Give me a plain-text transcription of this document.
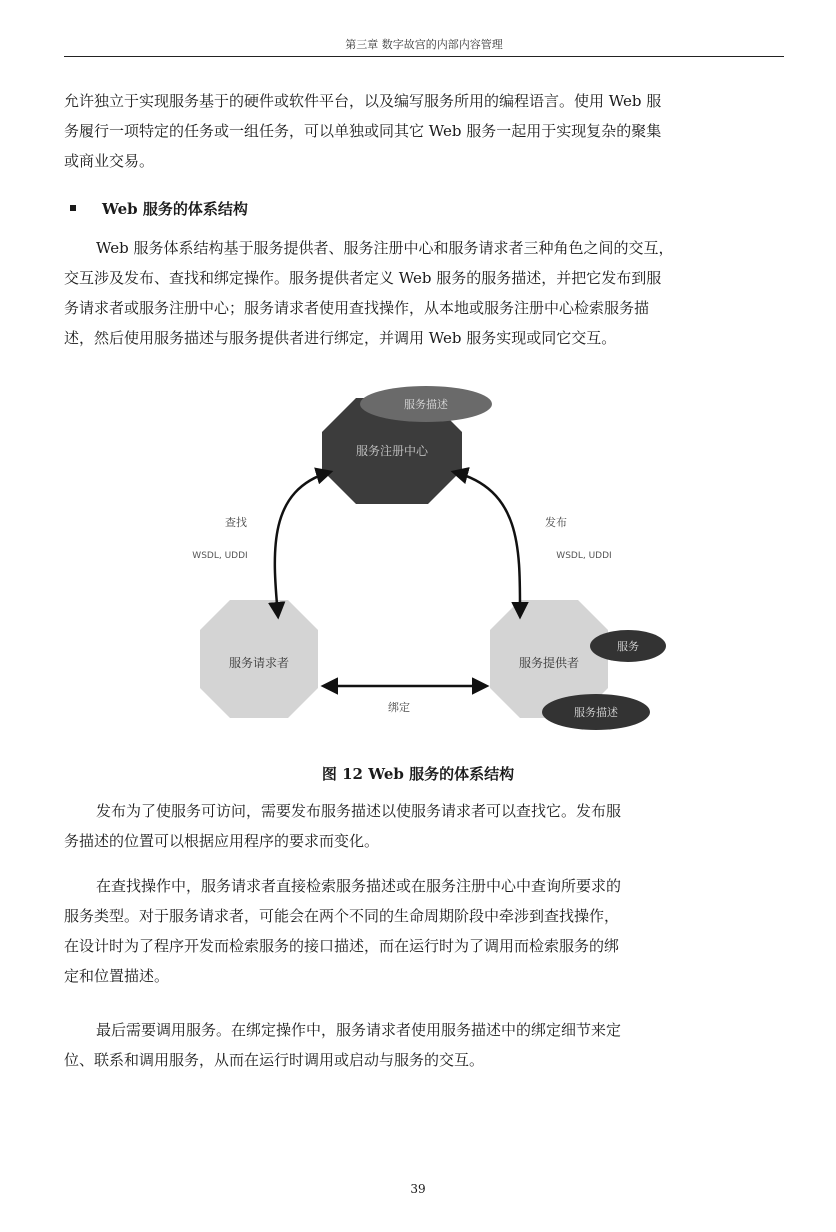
第三章 数字故宫的内部内容管理
允许独立于实现服务基于的硬件或软件平台，以及编写服务所用的编程语言。使用 Web 服
务履行一项特定的任务或一组任务，可以单独或同其它 Web 服务一起用于实现复杂的聚集
或商业交易。
Web 服务的体系结构
Web 服务体系结构基于服务提供者、服务注册中心和服务请求者三种角色之间的交互，
交互涉及发布、查找和绑定操作。服务提供者定义 Web 服务的服务描述，并把它发布到服
务请求者或服务注册中心；服务请求者使用查找操作，从本地或服务注册中心检索服务描
述，然后使用服务描述与服务提供者进行绑定，并调用 Web 服务实现或同它交互。
服务描述
服务注册中心
服务请求者	服务提供者
服务
服务描述
查找
WSDL, UDDI
发布
WSDL, UDDI
绑定
图 12 Web 服务的体系结构
发布为了使服务可访问，需要发布服务描述以使服务请求者可以查找它。发布服
务描述的位置可以根据应用程序的要求而变化。
在查找操作中，服务请求者直接检索服务描述或在服务注册中心中查询所要求的
服务类型。对于服务请求者，可能会在两个不同的生命周期阶段中牵涉到查找操作，
在设计时为了程序开发而检索服务的接口描述，而在运行时为了调用而检索服务的绑
定和位置描述。
最后需要调用服务。在绑定操作中，服务请求者使用服务描述中的绑定细节来定
位、联系和调用服务，从而在运行时调用或启动与服务的交互。
39
